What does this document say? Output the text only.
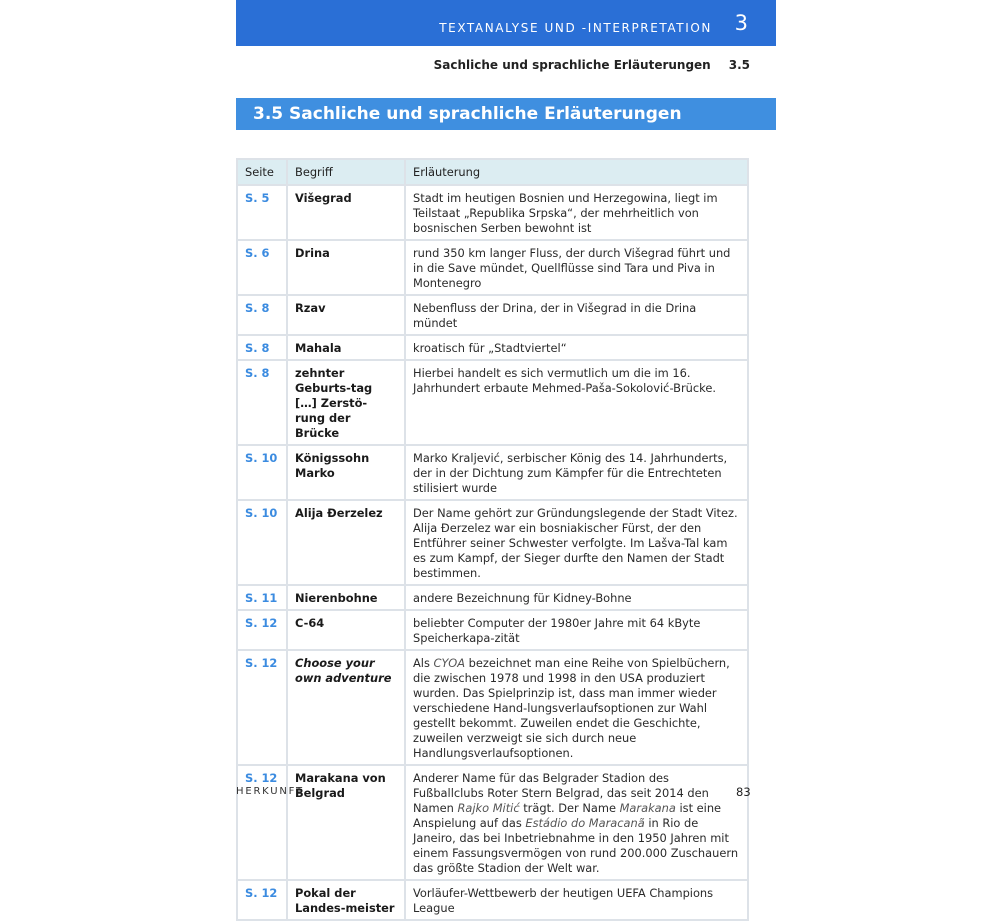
TEXTANALYSE UND -INTERPRETATION 3
Sachliche und sprachliche Erläuterungen 3.5
3.5 Sachliche und sprachliche Erläuterungen
Seite	Begriff	Erläuterung
S. 5	Višegrad	Stadt im heutigen Bosnien und Herzegowina, liegt im Teilstaat „Republika Srpska“, der mehrheitlich von bosnischen Serben bewohnt ist
S. 6	Drina	rund 350 km langer Fluss, der durch Višegrad führt und in die Save mündet, Quellflüsse sind Tara und Piva in Montenegro
S. 8	Rzav	Nebenfluss der Drina, der in Višegrad in die Drina mündet
S. 8	Mahala	kroatisch für „Stadtviertel“
S. 8	zehnter Geburts-tag […] Zerstö-rung der Brücke	Hierbei handelt es sich vermutlich um die im 16. Jahrhundert erbaute Mehmed-Paša-Sokolović-Brücke.
S. 10	Königssohn Marko	Marko Kraljević, serbischer König des 14. Jahrhunderts, der in der Dichtung zum Kämpfer für die Entrechteten stilisiert wurde
S. 10	Alija Đerzelez	Der Name gehört zur Gründungslegende der Stadt Vitez. Alija Đerzelez war ein bosniakischer Fürst, der den Entführer seiner Schwester verfolgte. Im Lašva-Tal kam es zum Kampf, der Sieger durfte den Namen der Stadt bestimmen.
S. 11	Nierenbohne	andere Bezeichnung für Kidney-Bohne
S. 12	C-64	beliebter Computer der 1980er Jahre mit 64 kByte Speicherkapa-zität
S. 12	Choose your own adventure	Als CYOA bezeichnet man eine Reihe von Spielbüchern, die zwischen 1978 und 1998 in den USA produziert wurden. Das Spielprinzip ist, dass man immer wieder verschiedene Hand-lungsverlaufsoptionen zur Wahl gestellt bekommt. Zuweilen endet die Geschichte, zuweilen verzweigt sie sich durch neue Handlungsverlaufsoptionen.
S. 12	Marakana von Belgrad	Anderer Name für das Belgrader Stadion des Fußballclubs Roter Stern Belgrad, das seit 2014 den Namen Rajko Mitić trägt. Der Name Marakana ist eine Anspielung auf das Estádio do Maracanã in Rio de Janeiro, das bei Inbetriebnahme in den 1950 Jahren mit einem Fassungsvermögen von rund 200.000 Zuschauern das größte Stadion der Welt war.
S. 12	Pokal der Landes-meister	Vorläufer-Wettbewerb der heutigen UEFA Champions League
HERKUNFT	83
